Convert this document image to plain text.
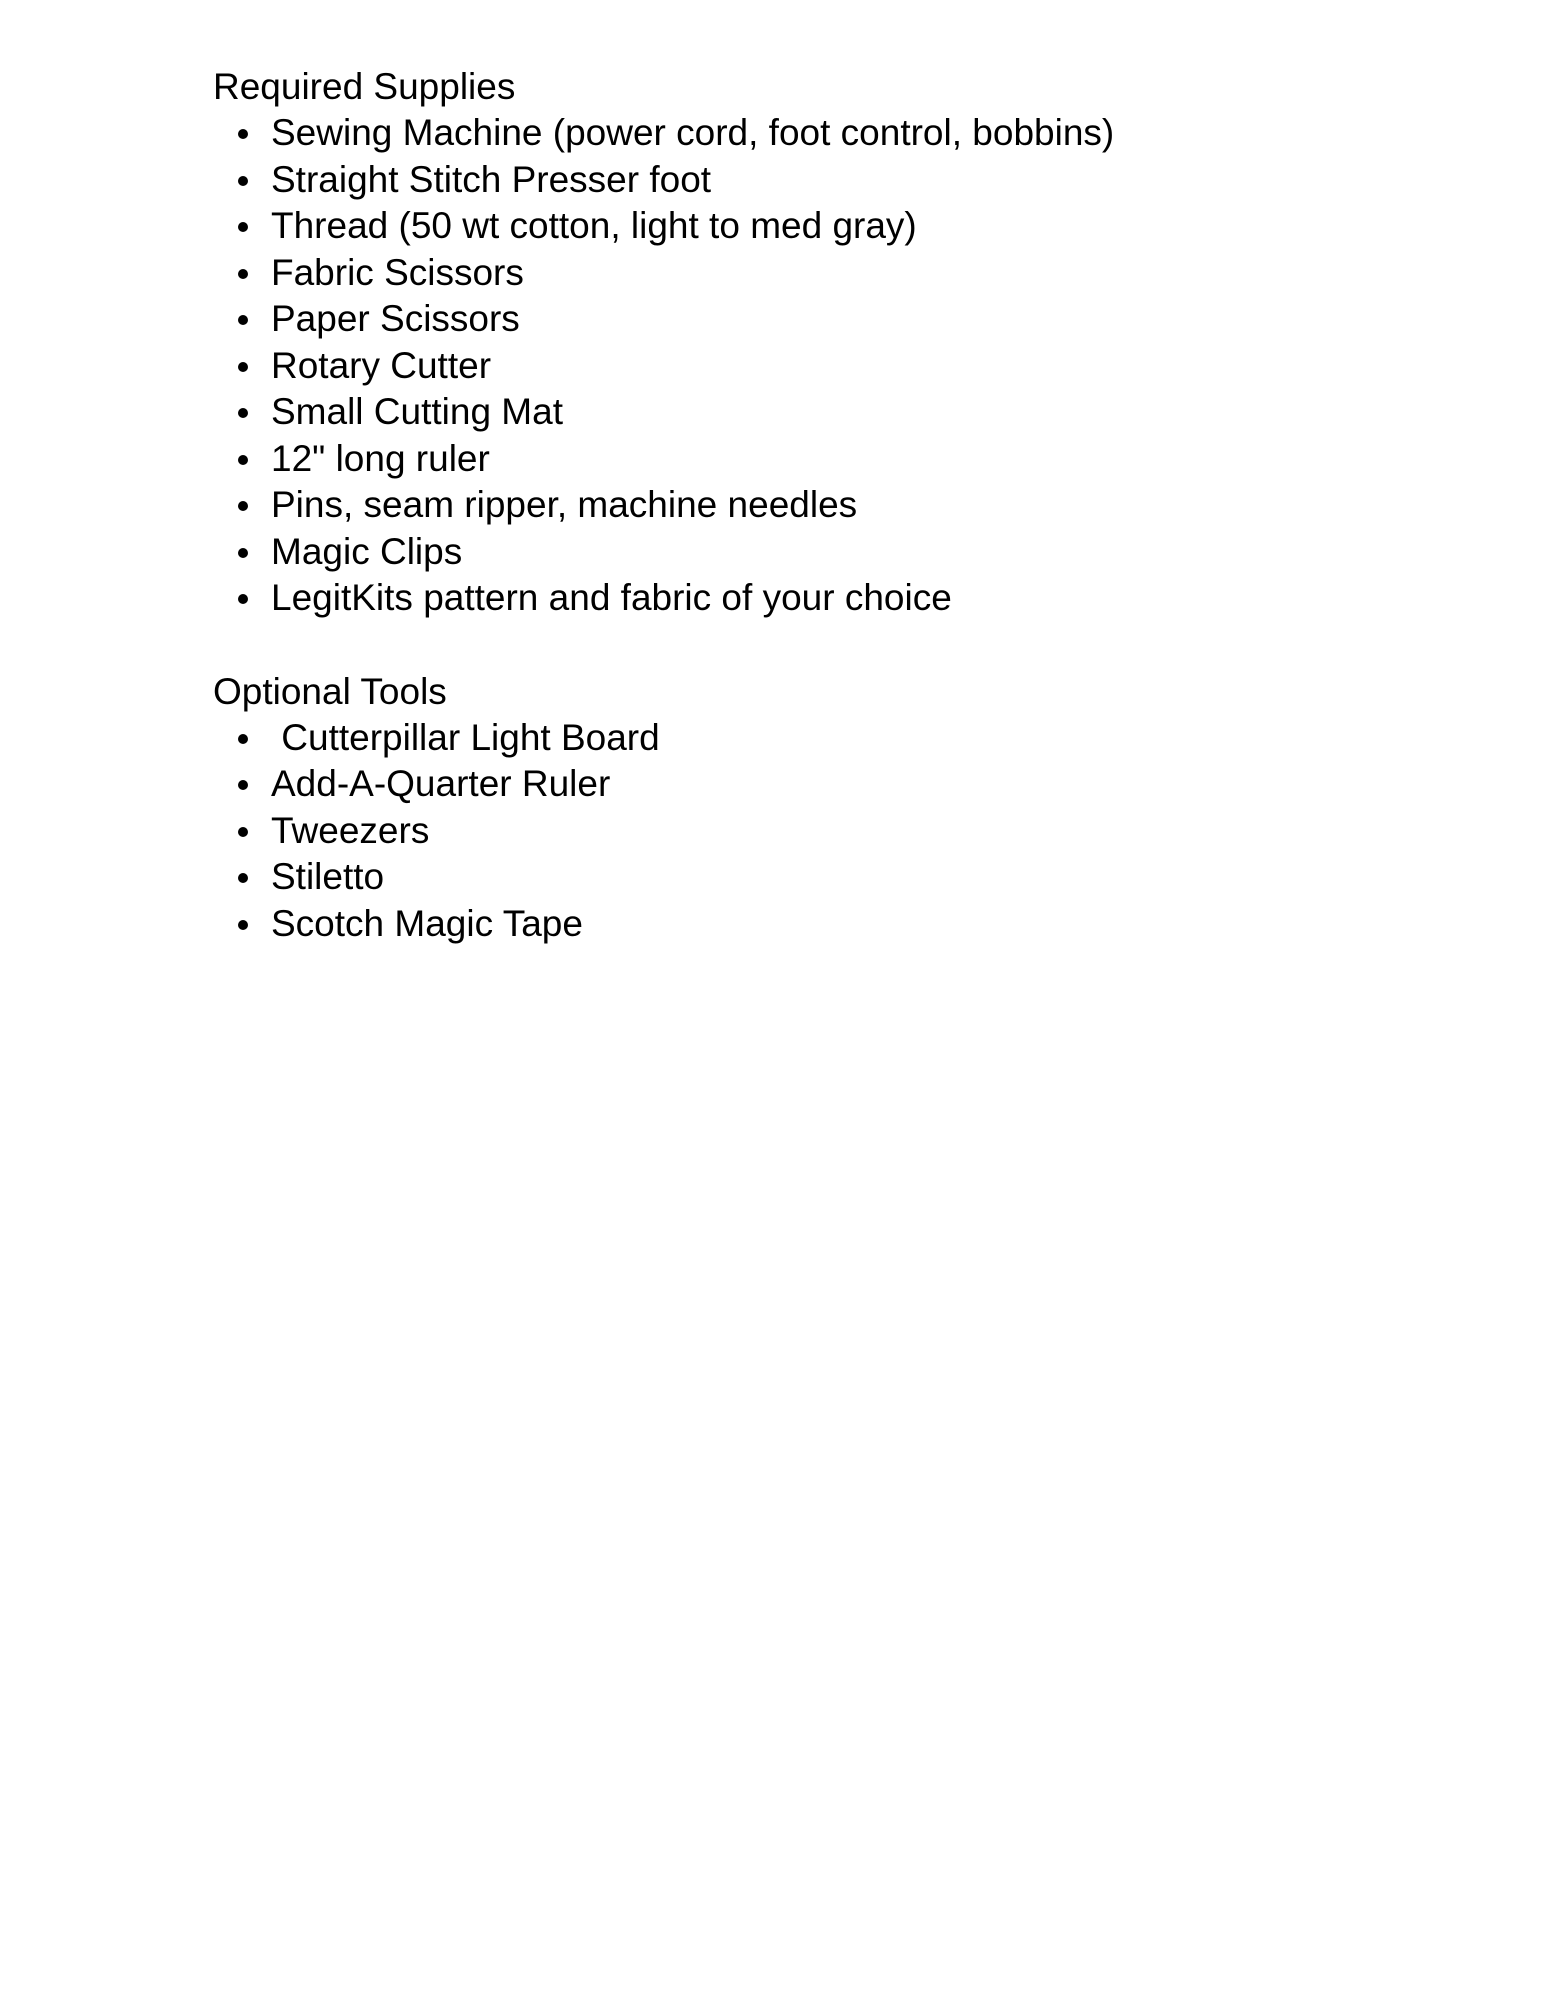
Required Supplies
Sewing Machine (power cord, foot control, bobbins)
Straight Stitch Presser foot
Thread (50 wt cotton, light to med gray)
Fabric Scissors
Paper Scissors
Rotary Cutter
Small Cutting Mat
12" long ruler
Pins, seam ripper, machine needles
Magic Clips
LegitKits pattern and fabric of your choice
Optional Tools
Cutterpillar Light Board
Add-A-Quarter Ruler
Tweezers
Stiletto
Scotch Magic Tape
